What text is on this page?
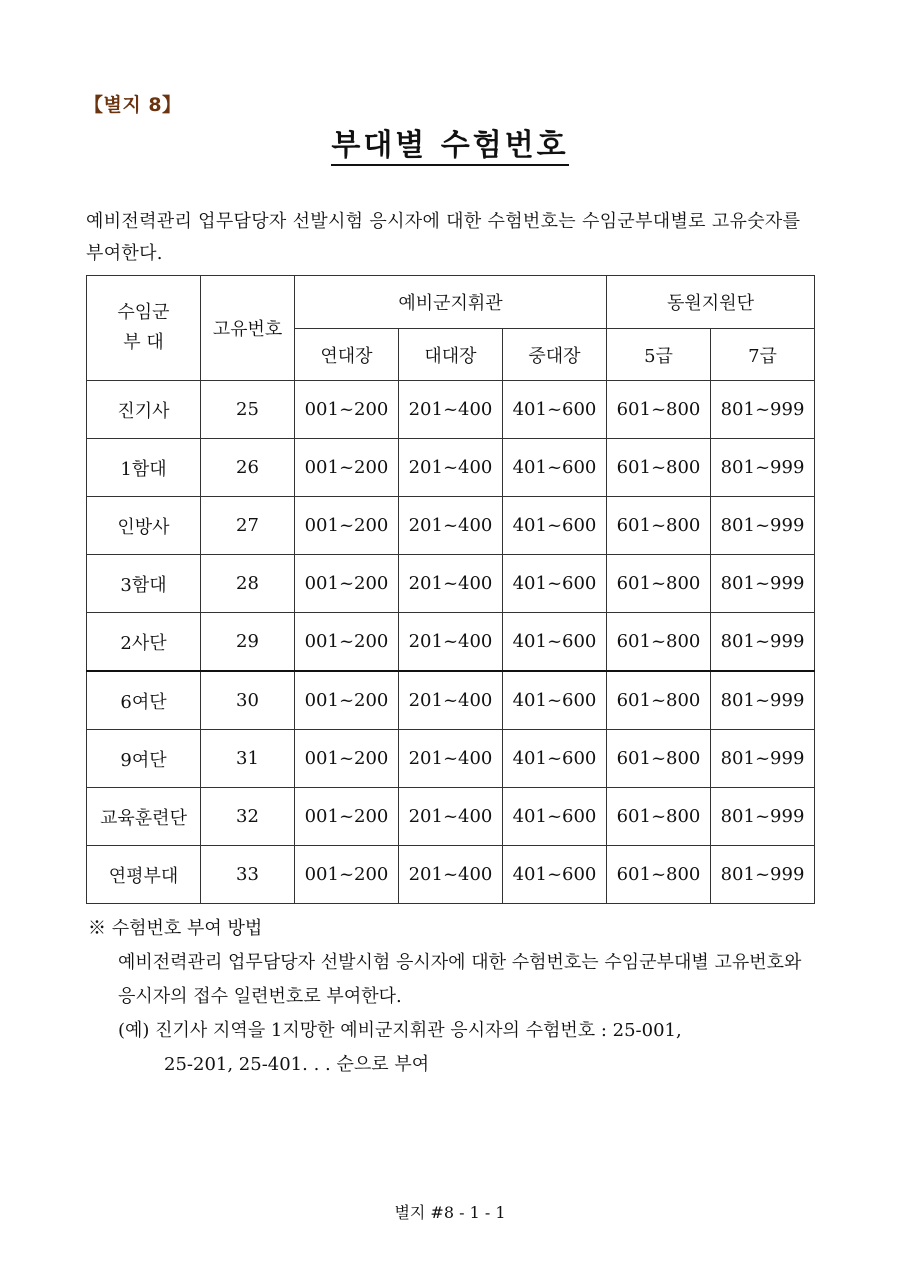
【별지 8】
부대별 수험번호
예비전력관리 업무담당자 선발시험 응시자에 대한 수험번호는 수임군부대별로 고유숫자를 부여한다.
수임군
부 대	고유번호	예비군지휘관			동원지원단	
		연대장	대대장	중대장	5급	7급
진기사	25	001~200	201~400	401~600	601~800	801~999
1함대	26	001~200	201~400	401~600	601~800	801~999
인방사	27	001~200	201~400	401~600	601~800	801~999
3함대	28	001~200	201~400	401~600	601~800	801~999
2사단	29	001~200	201~400	401~600	601~800	801~999
6여단	30	001~200	201~400	401~600	601~800	801~999
9여단	31	001~200	201~400	401~600	601~800	801~999
교육훈련단	32	001~200	201~400	401~600	601~800	801~999
연평부대	33	001~200	201~400	401~600	601~800	801~999
※ 수험번호 부여 방법
예비전력관리 업무담당자 선발시험 응시자에 대한 수험번호는 수임군부대별 고유번호와 응시자의 접수 일련번호로 부여한다.
(예) 진기사 지역을 1지망한 예비군지휘관 응시자의 수험번호 : 25-001,
25-201, 25-401. . . 순으로 부여
별지 #8 - 1 - 1
